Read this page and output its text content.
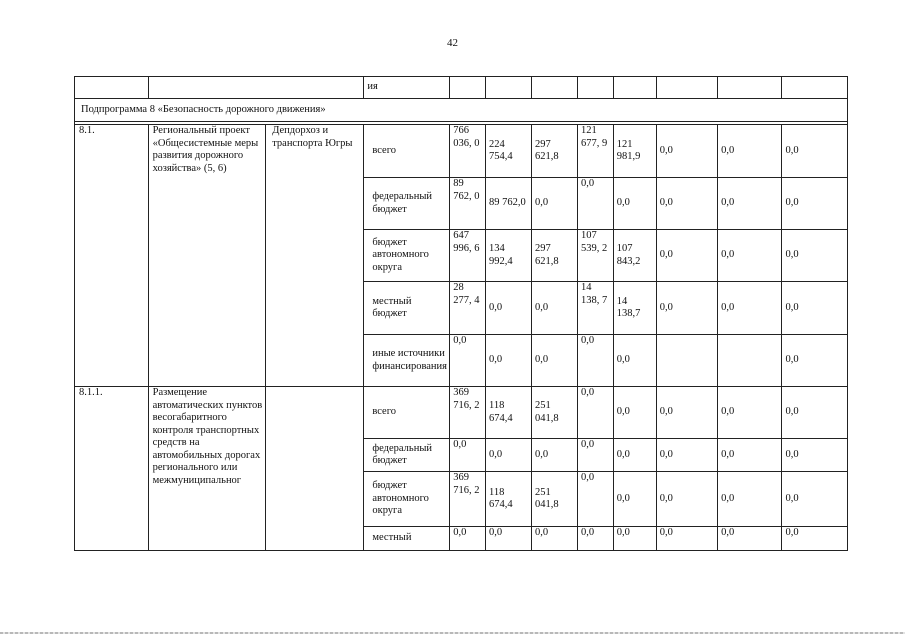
42
			ия								
Подпрограмма 8 «Безопасность дорожного движения»											

8.1.	Региональный проект «Общесистемные меры развития дорожного хозяйства» (5, 6)	Депдорхоз и транспорта Югры	всего	766 036, 0	224 754,4	297 621,8	121 677, 9	121 981,9	0,0	0,0	0,0
			федеральный бюджет	89 762, 0	89 762,0	0,0	0,0	0,0	0,0	0,0	0,0
			бюджет автономного округа	647 996, 6	134 992,4	297 621,8	107 539, 2	107 843,2	0,0	0,0	0,0
			местный бюджет	28 277, 4	0,0	0,0	14 138, 7	14 138,7	0,0	0,0	0,0
			иные источники финансирования	0,0	0,0	0,0	0,0	0,0			0,0
8.1.1.	Размещение автоматических пунктов весогабаритного контроля транспортных средств на автомобильных дорогах регионального или межмуниципальног		всего	369 716, 2	118 674,4	251 041,8	0,0	0,0	0,0	0,0	0,0
			федеральный бюджет	0,0	0,0	0,0	0,0	0,0	0,0	0,0	0,0
			бюджет автономного округа	369 716, 2	118 674,4	251 041,8	0,0	0,0	0,0	0,0	0,0
			местный	0,0	0,0	0,0	0,0	0,0	0,0	0,0	0,0
